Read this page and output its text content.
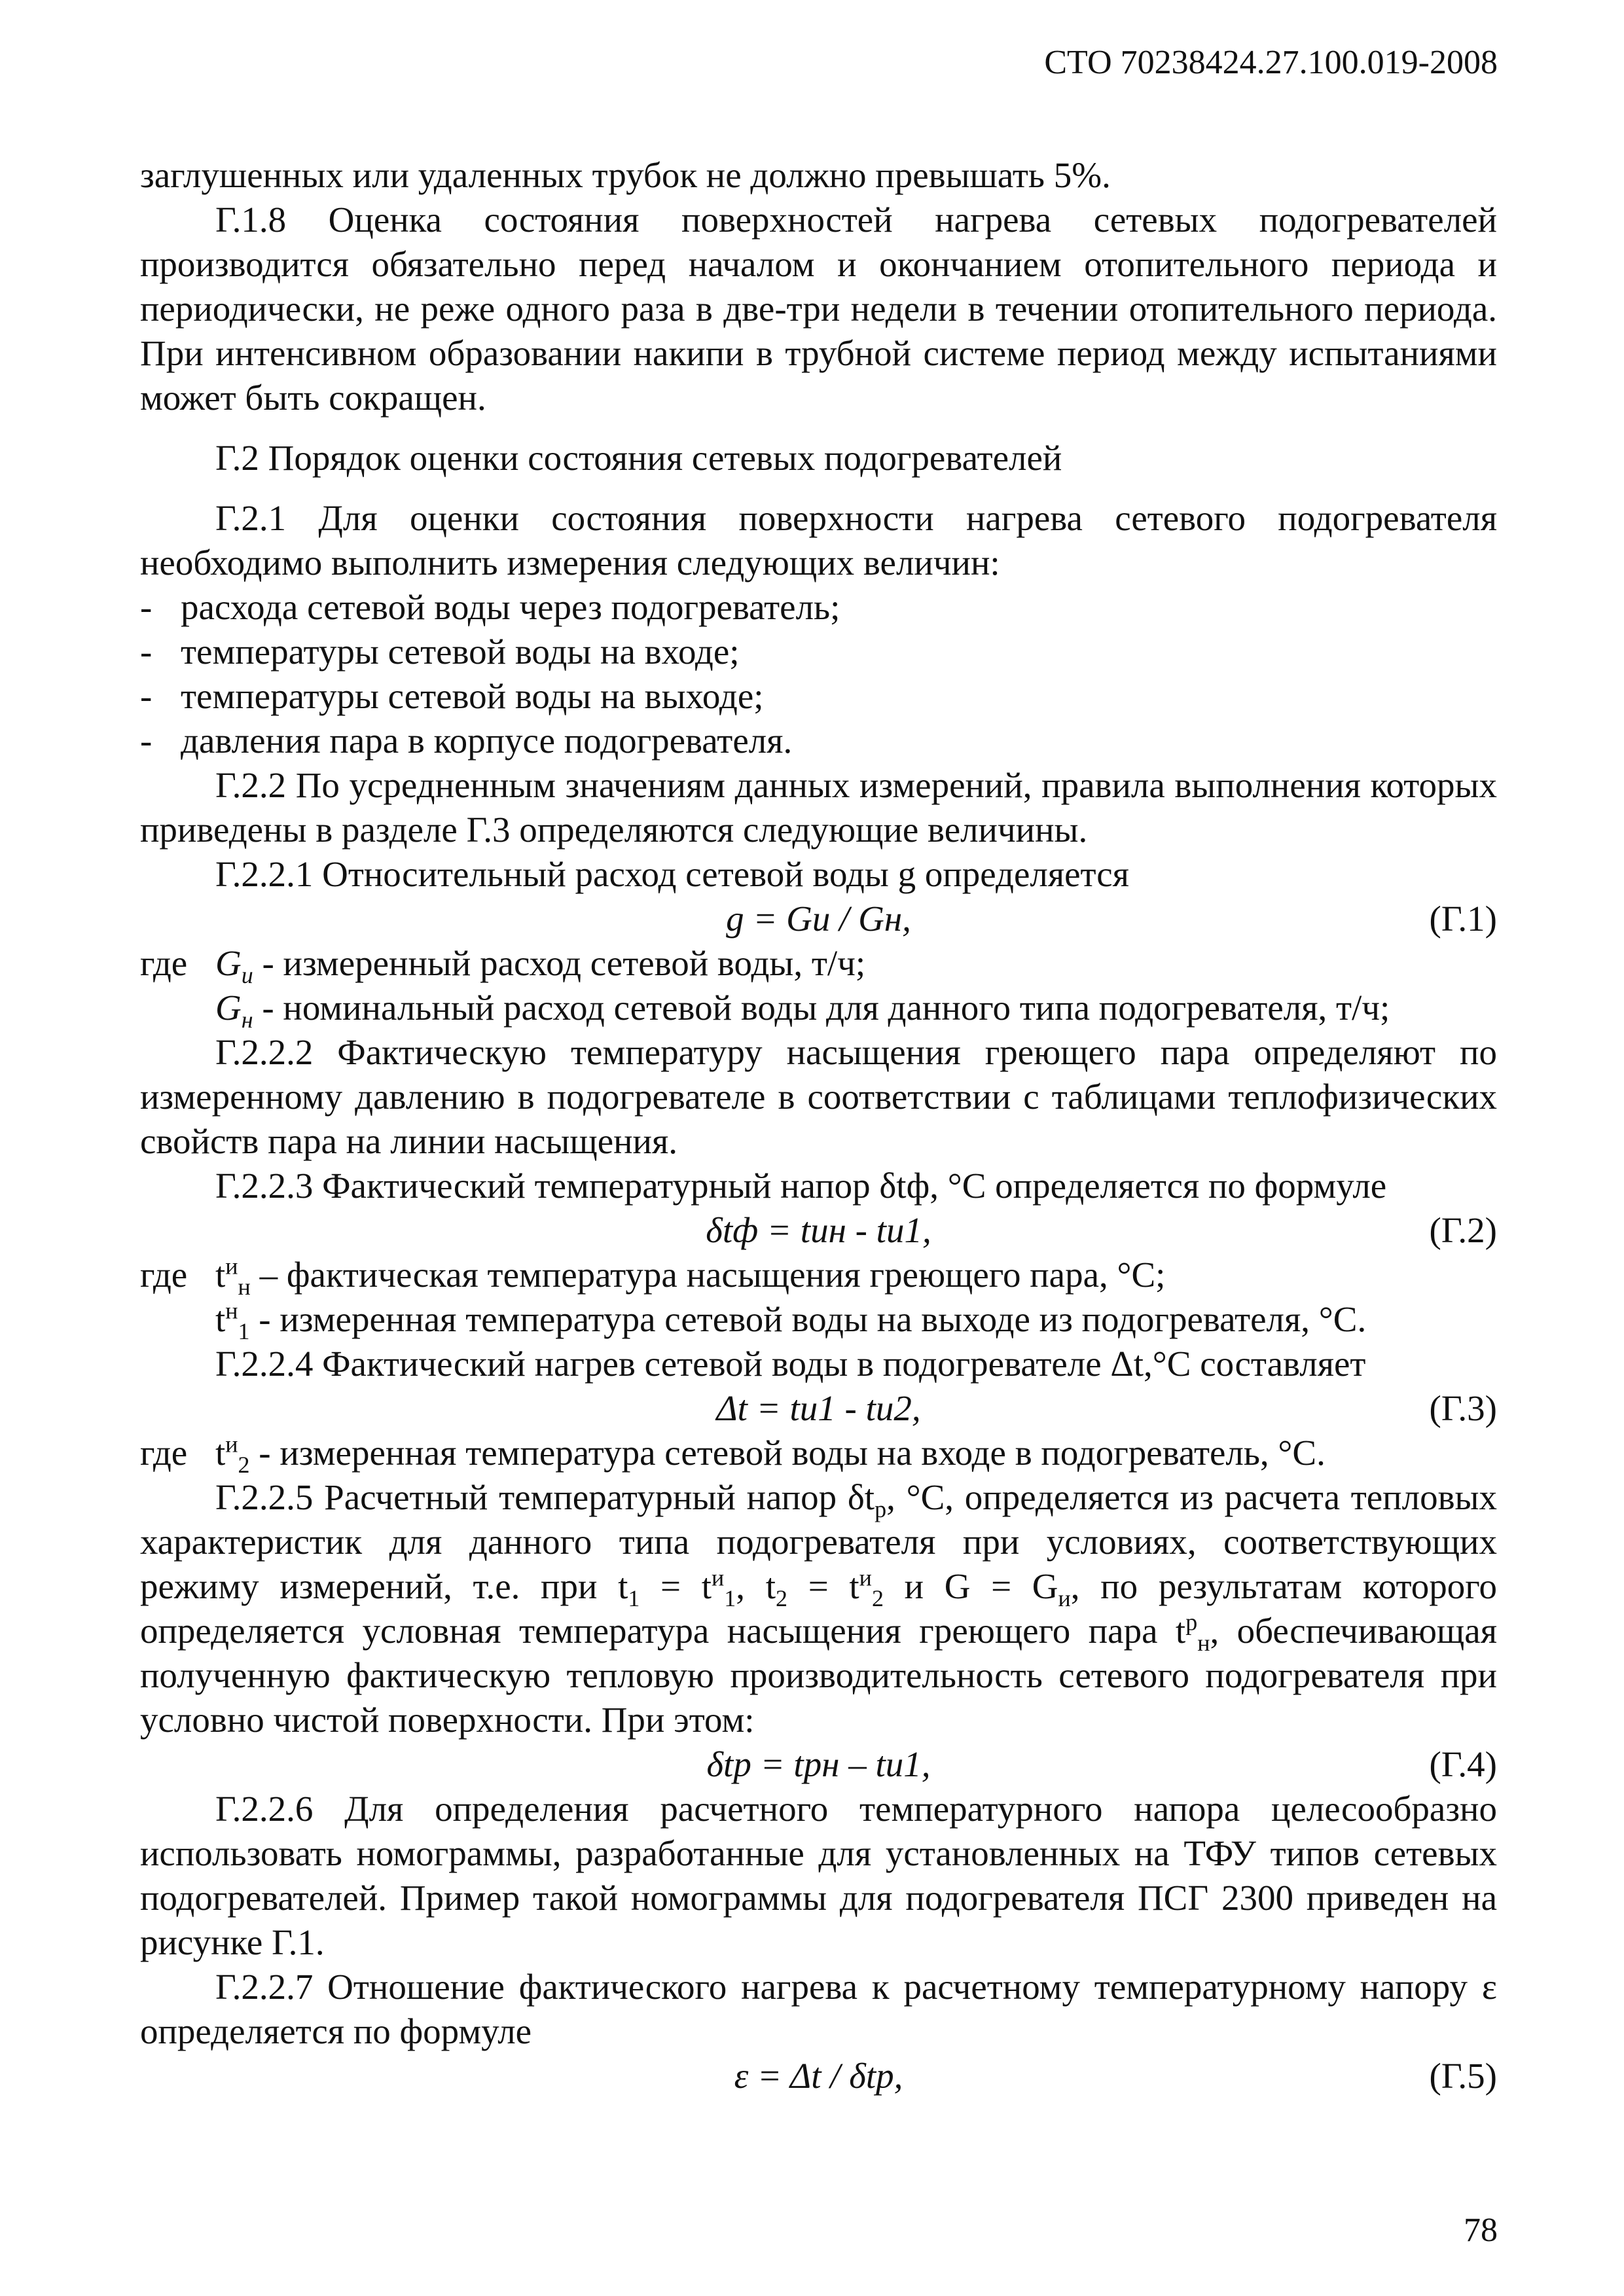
СТО 70238424.27.100.019-2008

заглушенных или удаленных трубок не должно превышать 5%.

Г.1.8 Оценка состояния поверхностей нагрева сетевых подогревателей производится обязательно перед началом и окончанием отопительного периода и периодически, не реже одного раза в две-три недели в течении отопительного периода. При интенсивном образовании накипи в трубной системе период между испытаниями может быть сокращен.

Г.2 Порядок оценки состояния сетевых подогревателей

Г.2.1 Для оценки состояния поверхности нагрева сетевого подогревателя необходимо выполнить измерения следующих величин:

- расхода сетевой воды через подогреватель;
- температуры сетевой воды на входе;
- температуры сетевой воды на выходе;
- давления пара в корпусе подогревателя.

Г.2.2 По усредненным значениям данных измерений, правила выполнения которых приведены в разделе Г.3 определяются следующие величины.

Г.2.2.1 Относительный расход сетевой воды g определяется

g = Gи / Gн,	(Г.1)
где $G_и$ - измеренный расход сетевой воды, т/ч;
$G_н$ - номинальный расход сетевой воды для данного типа подогревателя, т/ч;

Г.2.2.2 Фактическую температуру насыщения греющего пара определяют по измеренному давлению в подогревателе в соответствии с таблицами теплофизических свойств пара на линии насыщения.

Г.2.2.3 Фактический температурный напор δtф, °C определяется по формуле

δtф = tин - tи1,	(Г.2)
где $t^и_н$ – фактическая температура насыщения греющего пара, °C;
$t^н_1$ - измеренная температура сетевой воды на выходе из подогревателя, °C.

Г.2.2.4 Фактический нагрев сетевой воды в подогревателе Δt,°C составляет

Δt = tи1 - tи2,	(Г.3)
где $t^и_2$ - измеренная температура сетевой воды на входе в подогреватель, °C.

Г.2.2.5 Расчетный температурный напор $\delta t_p$, °C, определяется из расчета тепловых характеристик для данного типа подогревателя при условиях, соответствующих режиму измерений, т.е. при $t_1 = t^и_1$, $t_2 = t^и_2$ и $G = G_и$, по результатам которого определяется условная температура насыщения греющего пара $t^p_н$, обеспечивающая полученную фактическую тепловую производительность сетевого подогревателя при условно чистой поверхности. При этом:

δtp = tpн – tи1,	(Г.4)

Г.2.2.6 Для определения расчетного температурного напора целесообразно использовать номограммы, разработанные для установленных на ТФУ типов сетевых подогревателей. Пример такой номограммы для подогревателя ПСГ 2300 приведен на рисунке Г.1.

Г.2.2.7 Отношение фактического нагрева к расчетному температурному напору ε определяется по формуле

ε = Δt / δtp,	(Г.5)
78
